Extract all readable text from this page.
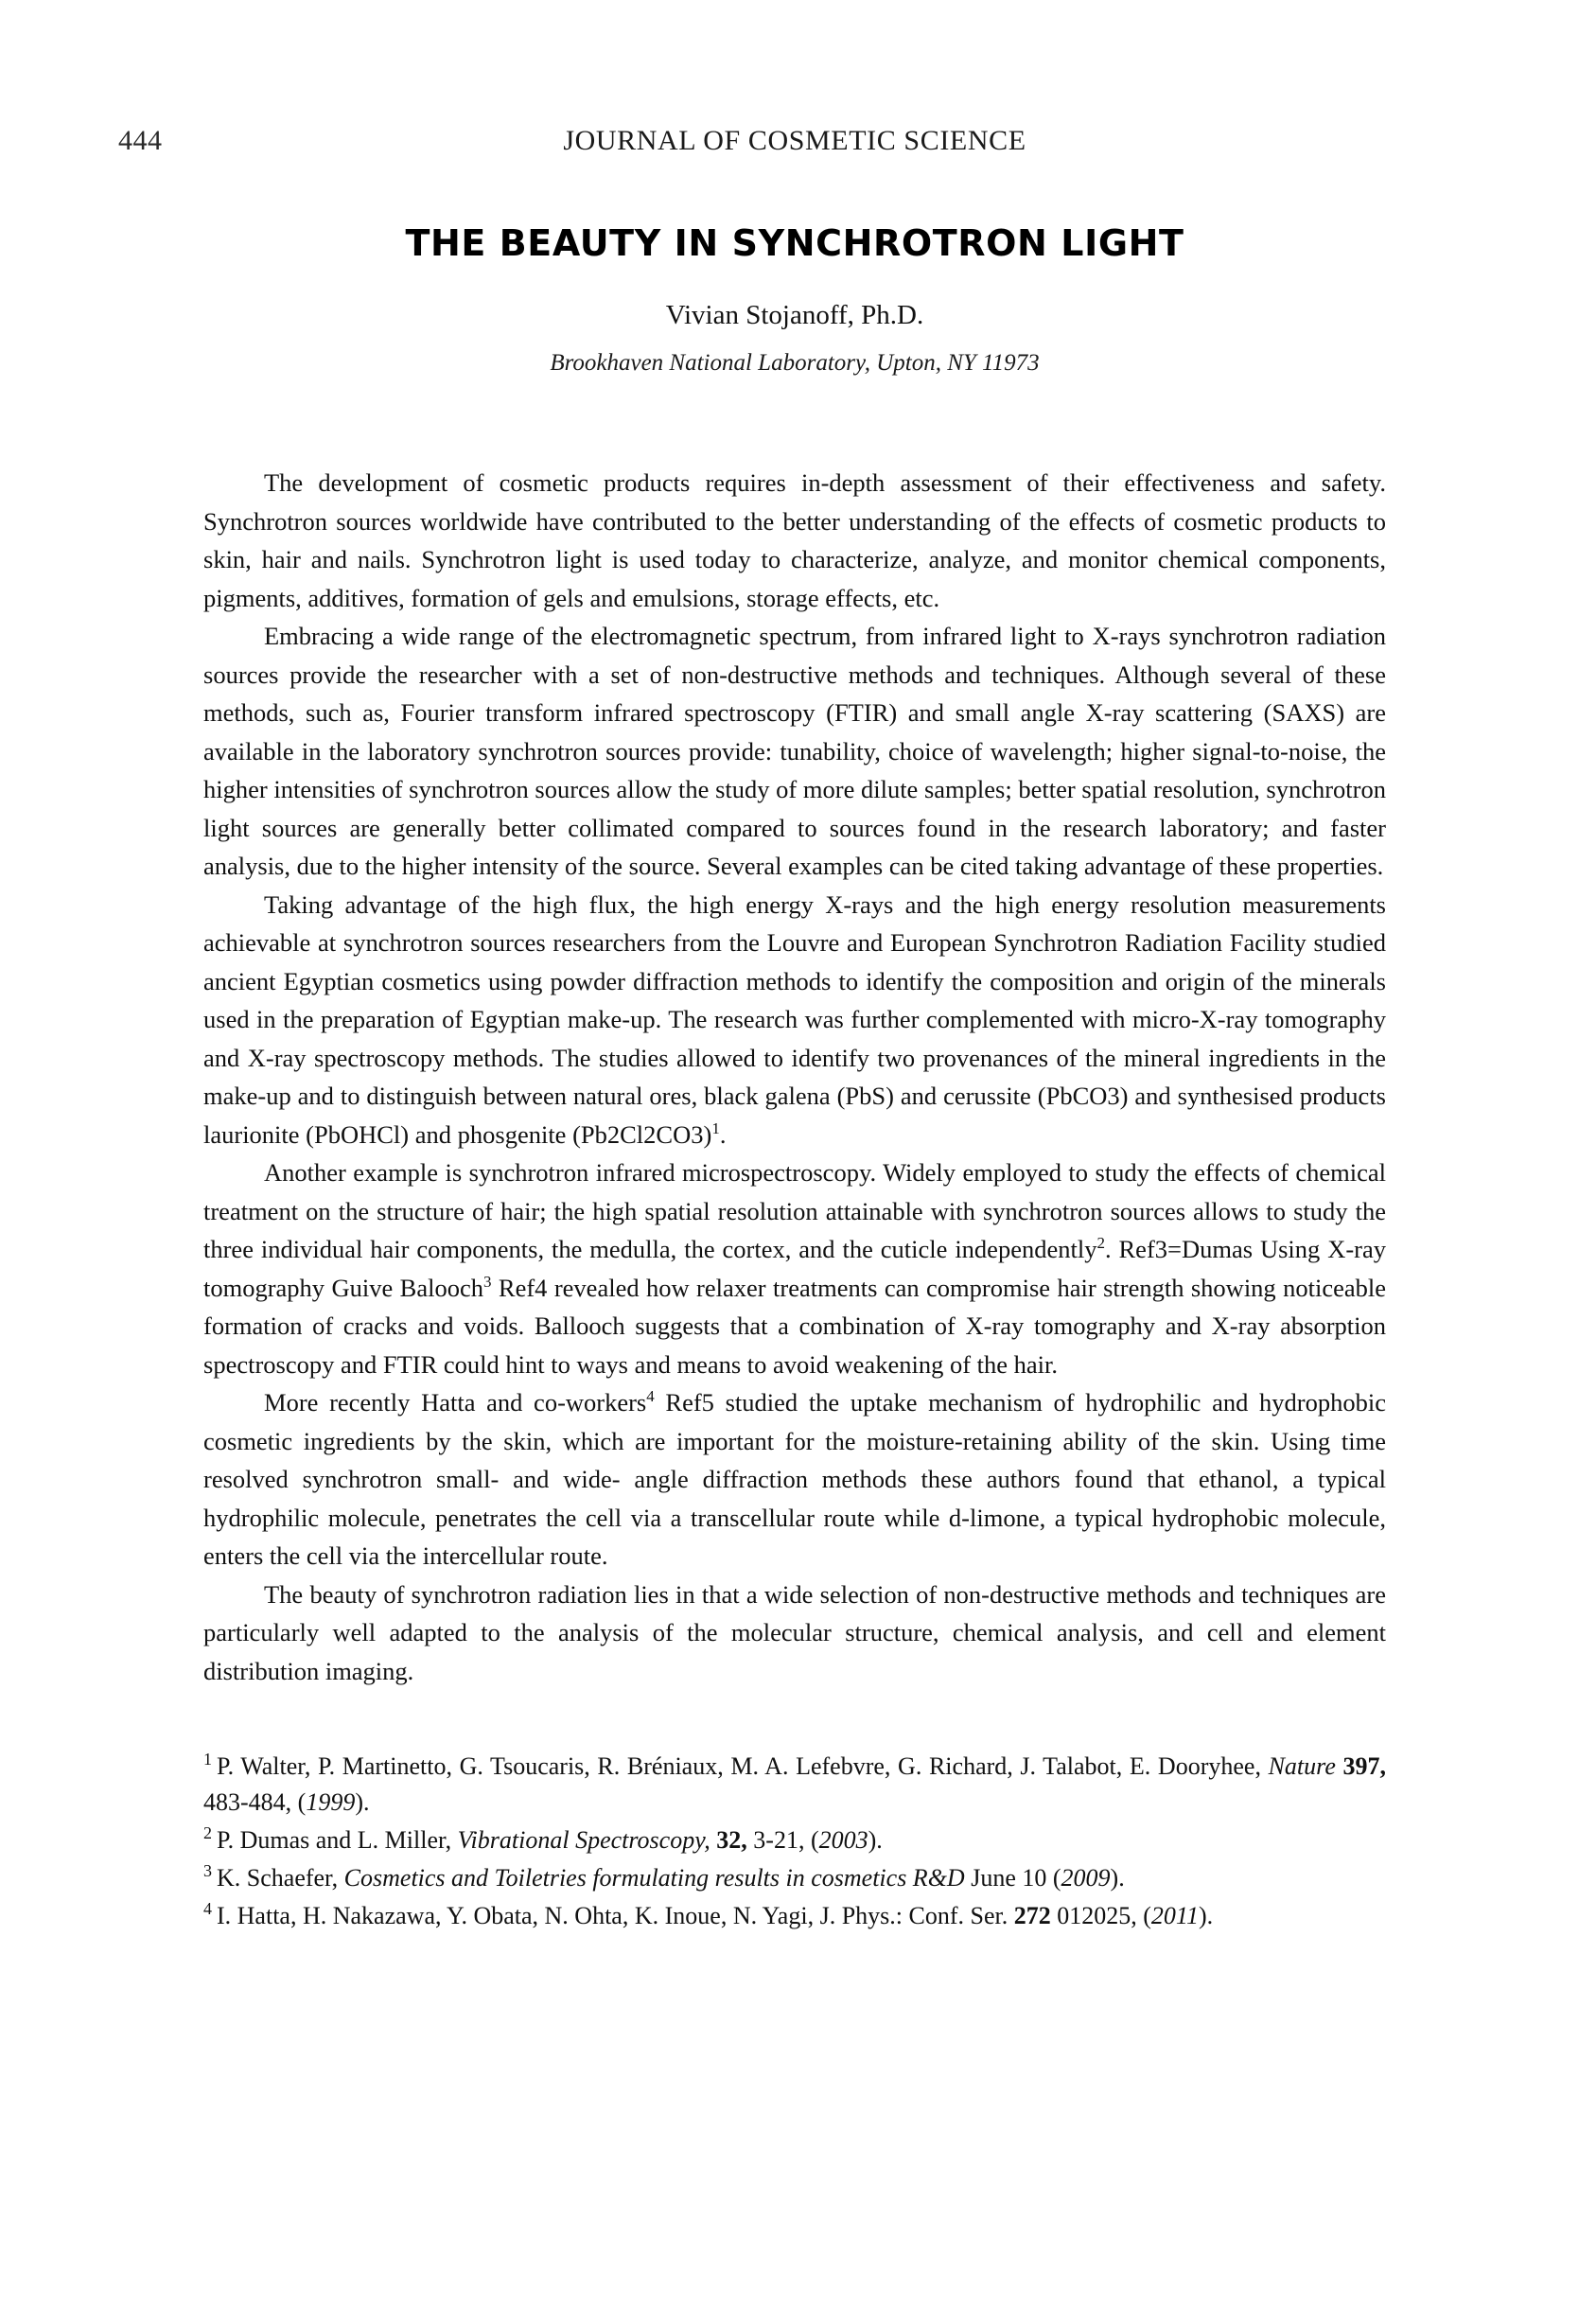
444	JOURNAL OF COSMETIC SCIENCE
THE BEAUTY IN SYNCHROTRON LIGHT
Vivian Stojanoff, Ph.D.
Brookhaven National Laboratory, Upton, NY 11973

The development of cosmetic products requires in-depth assessment of their effectiveness and safety. Synchrotron sources worldwide have contributed to the better understanding of the effects of cosmetic products to skin, hair and nails. Synchrotron light is used today to characterize, analyze, and monitor chemical components, pigments, additives, formation of gels and emulsions, storage effects, etc.

Embracing a wide range of the electromagnetic spectrum, from infrared light to X-rays synchrotron radiation sources provide the researcher with a set of non-destructive methods and techniques. Although several of these methods, such as, Fourier transform infrared spectroscopy (FTIR) and small angle X-ray scattering (SAXS) are available in the laboratory synchrotron sources provide: tunability, choice of wavelength; higher signal-to-noise, the higher intensities of synchrotron sources allow the study of more dilute samples; better spatial resolution, synchrotron light sources are generally better collimated compared to sources found in the research laboratory; and faster analysis, due to the higher intensity of the source. Several examples can be cited taking advantage of these properties.

Taking advantage of the high flux, the high energy X-rays and the high energy resolution measurements achievable at synchrotron sources researchers from the Louvre and European Synchrotron Radiation Facility studied ancient Egyptian cosmetics using powder diffraction methods to identify the composition and origin of the minerals used in the preparation of Egyptian make-up. The research was further complemented with micro-X-ray tomography and X-ray spectroscopy methods. The studies allowed to identify two provenances of the mineral ingredients in the make-up and to distinguish between natural ores, black galena (PbS) and cerussite (PbCO3) and synthesised products laurionite (PbOHCl) and phosgenite $(Pb2Cl2CO3)^1$.

Another example is synchrotron infrared microspectroscopy. Widely employed to study the effects of chemical treatment on the structure of hair; the high spatial resolution attainable with synchrotron sources allows to study the three individual hair components, the medulla, the cortex, and the cuticle independently$^2$. Ref3=Dumas Using X-ray tomography Guive Balooch$^3$ Ref4 revealed how relaxer treatments can compromise hair strength showing noticeable formation of cracks and voids. Ballooch suggests that a combination of X-ray tomography and X-ray absorption spectroscopy and FTIR could hint to ways and means to avoid weakening of the hair.

More recently Hatta and co-workers$^4$ Ref5 studied the uptake mechanism of hydrophilic and hydrophobic cosmetic ingredients by the skin, which are important for the moisture-retaining ability of the skin. Using time resolved synchrotron small- and wide- angle diffraction methods these authors found that ethanol, a typical hydrophilic molecule, penetrates the cell via a transcellular route while d-limone, a typical hydrophobic molecule, enters the cell via the intercellular route.

The beauty of synchrotron radiation lies in that a wide selection of non-destructive methods and techniques are particularly well adapted to the analysis of the molecular structure, chemical analysis, and cell and element distribution imaging.

$^1$ P. Walter, P. Martinetto, G. Tsoucaris, R. Bréniaux, M. A. Lefebvre, G. Richard, J. Talabot, E. Dooryhee, Nature 397, 483-484, (1999).
$^2$ P. Dumas and L. Miller, Vibrational Spectroscopy, 32, 3-21, (2003).
$^3$ K. Schaefer, Cosmetics and Toiletries formulating results in cosmetics R&D June 10 (2009).
$^4$ I. Hatta, H. Nakazawa, Y. Obata, N. Ohta, K. Inoue, N. Yagi, J. Phys.: Conf. Ser. 272 012025, (2011).
